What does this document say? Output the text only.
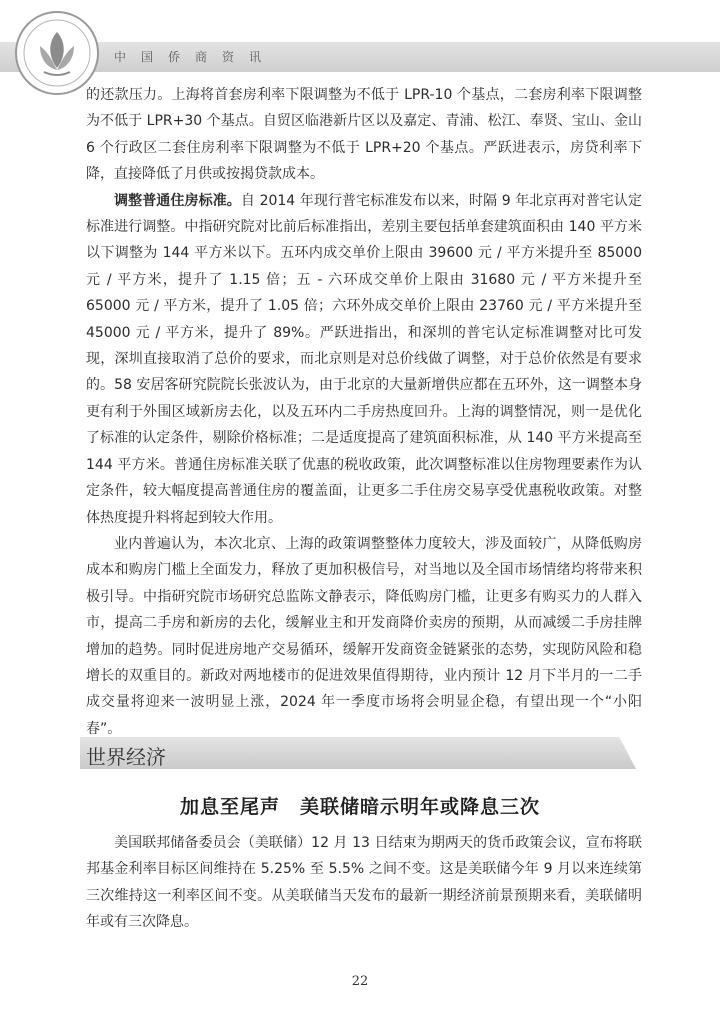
中国侨商资讯

的还款压力。上海将首套房利率下限调整为不低于 LPR-10 个基点，二套房利率下限调整为不低于 LPR+30 个基点。自贸区临港新片区以及嘉定、青浦、松江、奉贤、宝山、金山 6 个行政区二套住房利率下限调整为不低于 LPR+20 个基点。严跃进表示，房贷利率下降，直接降低了月供或按揭贷款成本。

调整普通住房标准。自 2014 年现行普宅标准发布以来，时隔 9 年北京再对普宅认定标准进行调整。中指研究院对比前后标准指出，差别主要包括单套建筑面积由 140 平方米以下调整为 144 平方米以下。五环内成交单价上限由 39600 元 / 平方米提升至 85000 元 / 平方米，提升了 1.15 倍；五 - 六环成交单价上限由 31680 元 / 平方米提升至 65000 元 / 平方米，提升了 1.05 倍；六环外成交单价上限由 23760 元 / 平方米提升至 45000 元 / 平方米，提升了 89%。严跃进指出，和深圳的普宅认定标准调整对比可发现，深圳直接取消了总价的要求，而北京则是对总价线做了调整，对于总价依然是有要求的。58 安居客研究院院长张波认为，由于北京的大量新增供应都在五环外，这一调整本身更有利于外围区域新房去化，以及五环内二手房热度回升。上海的调整情况，则一是优化了标准的认定条件，剔除价格标准；二是适度提高了建筑面积标准，从 140 平方米提高至 144 平方米。普通住房标准关联了优惠的税收政策，此次调整标准以住房物理要素作为认定条件，较大幅度提高普通住房的覆盖面，让更多二手住房交易享受优惠税收政策。对整体热度提升料将起到较大作用。

业内普遍认为，本次北京、上海的政策调整整体力度较大，涉及面较广，从降低购房成本和购房门槛上全面发力，释放了更加积极信号，对当地以及全国市场情绪均将带来积极引导。中指研究院市场研究总监陈文静表示，降低购房门槛，让更多有购买力的人群入市，提高二手房和新房的去化，缓解业主和开发商降价卖房的预期，从而减缓二手房挂牌增加的趋势。同时促进房地产交易循环，缓解开发商资金链紧张的态势，实现防风险和稳增长的双重目的。新政对两地楼市的促进效果值得期待，业内预计 12 月下半月的一二手成交量将迎来一波明显上涨，2024 年一季度市场将会明显企稳，有望出现一个“小阳春”。

世界经济
加息至尾声　美联储暗示明年或降息三次

美国联邦储备委员会（美联储）12 月 13 日结束为期两天的货币政策会议，宣布将联邦基金利率目标区间维持在 5.25% 至 5.5% 之间不变。这是美联储今年 9 月以来连续第三次维持这一利率区间不变。从美联储当天发布的最新一期经济前景预期来看，美联储明年或有三次降息。

22
